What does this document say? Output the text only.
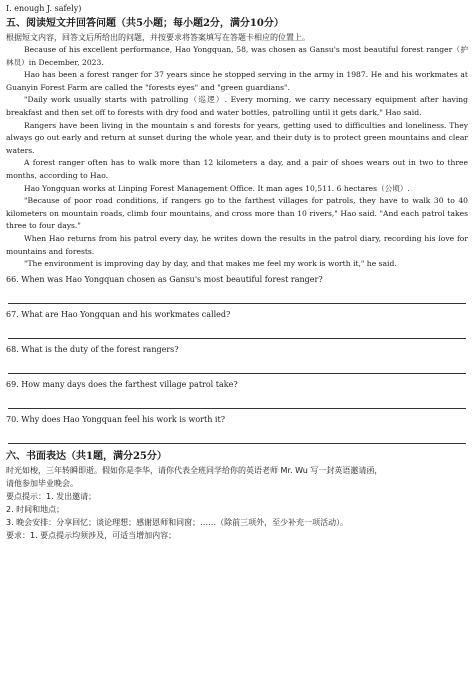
I. enough J. safely)
五、阅读短文并回答问题（共5小题；每小题2分，满分10分）
根据短文内容，回答文后所给出的问题，并按要求将答案填写在答题卡相应的位置上。

Because of his excellent performance, Hao Yongquan, 58, was chosen as Gansu's most beautiful forest ranger（护林员）in December, 2023.

Hao has been a forest ranger for 37 years since he stopped serving in the army in 1987. He and his workmates at Guanyin Forest Farm are called the "forests eyes" and "green guardians".

"Daily work usually starts with patrolling（巡逻）. Every morning, we carry necessary equipment after having breakfast and then set off to forests with dry food and water bottles, patrolling until it gets dark," Hao said.

Rangers have been living in the mountain s and forests for years, getting used to difficulties and loneliness. They always go out early and return at sunset during the whole year, and their duty is to protect green mountains and clear waters.

A forest ranger often has to walk more than 12 kilometers a day, and a pair of shoes wears out in two to three months, according to Hao.

Hao Yongquan works at Linping Forest Management Office. It man ages 10,511. 6 hectares（公顷）.

"Because of poor road conditions, if rangers go to the farthest villages for patrols, they have to walk 30 to 40 kilometers on mountain roads, climb four mountains, and cross more than 10 rivers," Hao said. "And each patrol takes three to four days."

When Hao returns from his patrol every day, he writes down the results in the patrol diary, recording his love for mountains and forests.

"The environment is improving day by day, and that makes me feel my work is worth it," he said.

66. When was Hao Yongquan chosen as Gansu's most beautiful forest ranger?
67. What are Hao Yongquan and his workmates called?
68. What is the duty of the forest rangers?
69. How many days does the farthest village patrol take?
70. Why does Hao Yongquan feel his work is worth it?
六、书面表达（共1题，满分25分）
时光如梭，三年转瞬即逝。假如你是李华，请你代表全班同学给你的英语老师 Mr. Wu 写一封英语邀请函，
请他参加毕业晚会。
要点提示：1. 发出邀请；
2. 时间和地点；
3. 晚会安排：分享回忆；谈论理想；感谢恩师和同窗；……（除前三项外，至少补充一项活动）。
要求：1. 要点提示均须涉及，可适当增加内容；
